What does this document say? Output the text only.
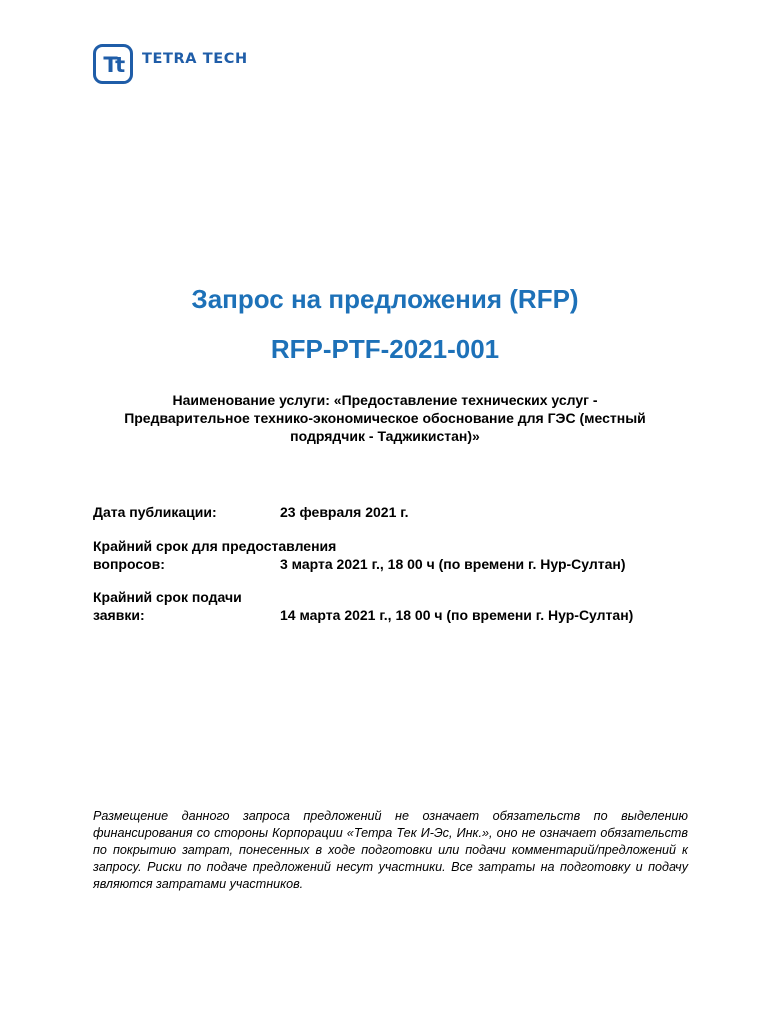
Tt TETRA TECH
Запрос на предложения (RFP)
RFP-PTF-2021-001
Наименование услуги: «Предоставление технических услуг -
Предварительное технико-экономическое обоснование для ГЭС (местный
подрядчик - Таджикистан)»
Дата публикации:	23 февраля 2021 г.
Крайний срок для предоставления
вопросов:	3 марта 2021 г., 18 00 ч (по времени г. Нур-Султан)
Крайний срок подачи
заявки:	14 марта 2021 г., 18 00 ч (по времени г. Нур-Султан)
Размещение данного запроса предложений не означает обязательств по выделению финансирования со стороны Корпорации «Тетра Тек И-Эс, Инк.», оно не означает обязательств по покрытию затрат, понесенных в ходе подготовки или подачи комментарий/предложений к запросу. Риски по подаче предложений несут участники. Все затраты на подготовку и подачу являются затратами участников.
